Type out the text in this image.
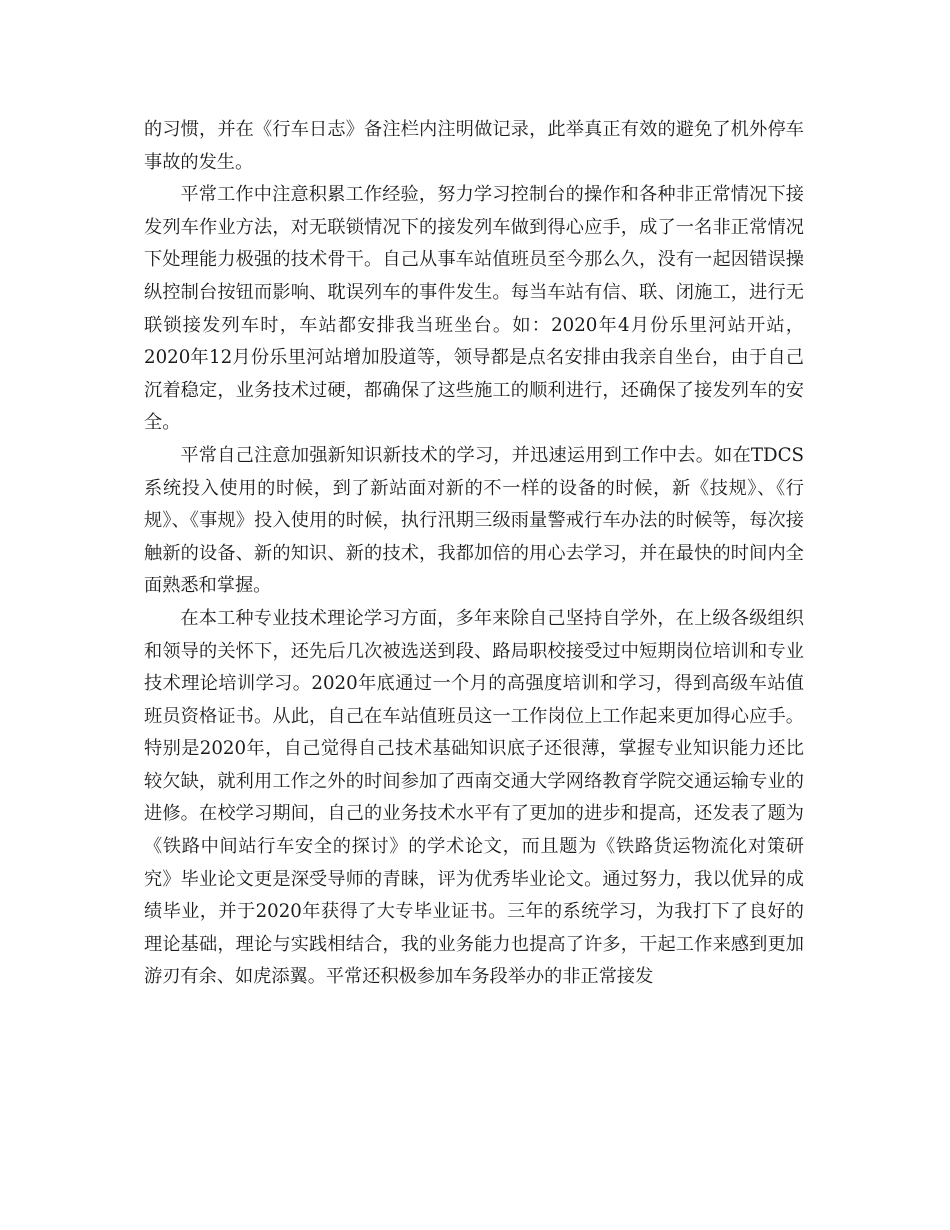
的习惯，并在《行车日志》备注栏内注明做记录，此举真正有效的避免了机外停车事故的发生。

平常工作中注意积累工作经验，努力学习控制台的操作和各种非正常情况下接发列车作业方法，对无联锁情况下的接发列车做到得心应手，成了一名非正常情况下处理能力极强的技术骨干。自己从事车站值班员至今那么久，没有一起因错误操纵控制台按钮而影响、耽误列车的事件发生。每当车站有信、联、闭施工，进行无联锁接发列车时，车站都安排我当班坐台。如：2020年4月份乐里河站开站，2020年12月份乐里河站增加股道等，领导都是点名安排由我亲自坐台，由于自己沉着稳定，业务技术过硬，都确保了这些施工的顺利进行，还确保了接发列车的安全。

平常自己注意加强新知识新技术的学习，并迅速运用到工作中去。如在TDCS系统投入使用的时候，到了新站面对新的不一样的设备的时候，新《技规》、《行规》、《事规》投入使用的时候，执行汛期三级雨量警戒行车办法的时候等，每次接触新的设备、新的知识、新的技术，我都加倍的用心去学习，并在最快的时间内全面熟悉和掌握。

在本工种专业技术理论学习方面，多年来除自己坚持自学外，在上级各级组织和领导的关怀下，还先后几次被选送到段、路局职校接受过中短期岗位培训和专业技术理论培训学习。2020年底通过一个月的高强度培训和学习，得到高级车站值班员资格证书。从此，自己在车站值班员这一工作岗位上工作起来更加得心应手。特别是2020年，自己觉得自己技术基础知识底子还很薄，掌握专业知识能力还比较欠缺，就利用工作之外的时间参加了西南交通大学网络教育学院交通运输专业的进修。在校学习期间，自己的业务技术水平有了更加的进步和提高，还发表了题为《铁路中间站行车安全的探讨》的学术论文，而且题为《铁路货运物流化对策研究》毕业论文更是深受导师的青睐，评为优秀毕业论文。通过努力，我以优异的成绩毕业，并于2020年获得了大专毕业证书。三年的系统学习，为我打下了良好的理论基础，理论与实践相结合，我的业务能力也提高了许多，干起工作来感到更加游刃有余、如虎添翼。平常还积极参加车务段举办的非正常接发
